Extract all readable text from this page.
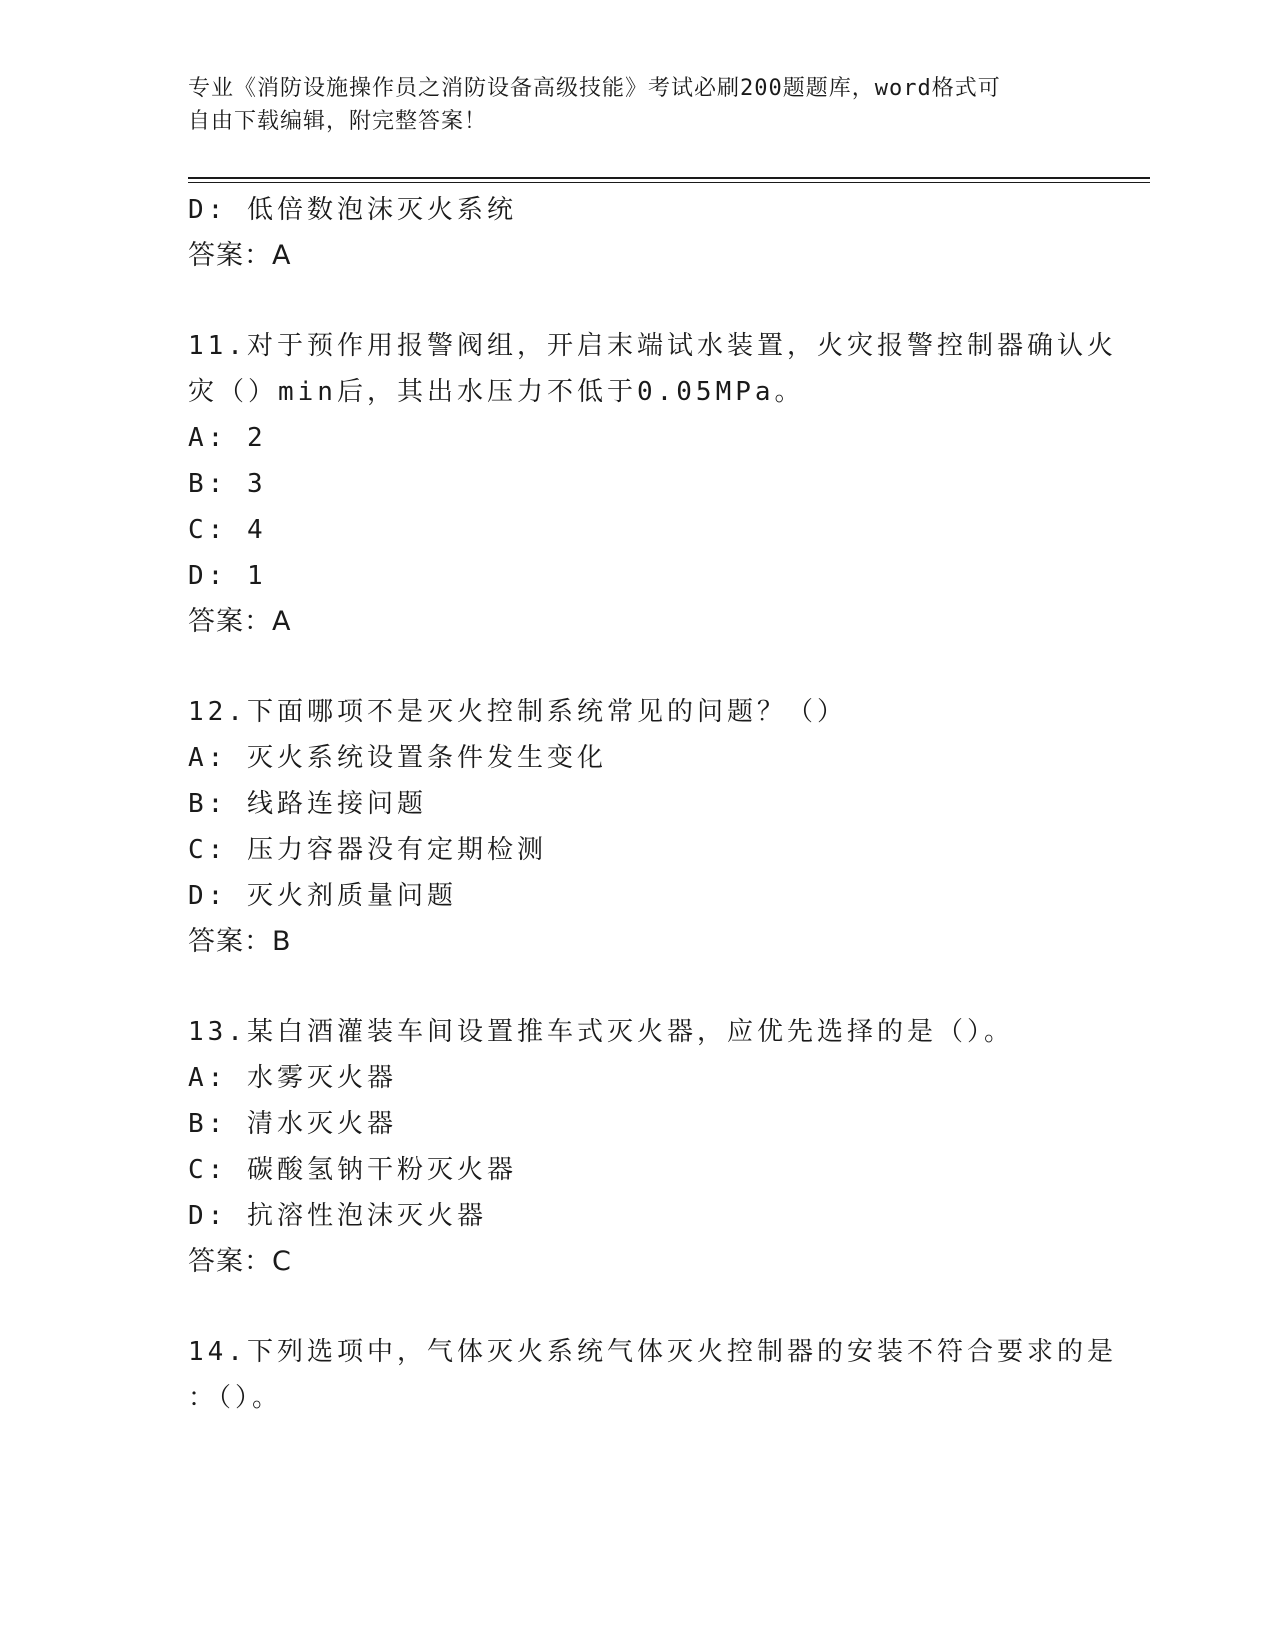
专业《消防设施操作员之消防设备高级技能》考试必刷200题题库，word格式可
自由下载编辑，附完整答案！
D: 低倍数泡沫灭火系统
答案：A
11.对于预作用报警阀组，开启末端试水装置，火灾报警控制器确认火
灾（）min后，其出水压力不低于0.05MPa。
A: 2
B: 3
C: 4
D: 1
答案：A
12.下面哪项不是灭火控制系统常见的问题？（）
A: 灭火系统设置条件发生变化
B: 线路连接问题
C: 压力容器没有定期检测
D: 灭火剂质量问题
答案：B
13.某白酒灌装车间设置推车式灭火器，应优先选择的是（）。
A: 水雾灭火器
B: 清水灭火器
C: 碳酸氢钠干粉灭火器
D: 抗溶性泡沫灭火器
答案：C
14.下列选项中，气体灭火系统气体灭火控制器的安装不符合要求的是
：（）。
